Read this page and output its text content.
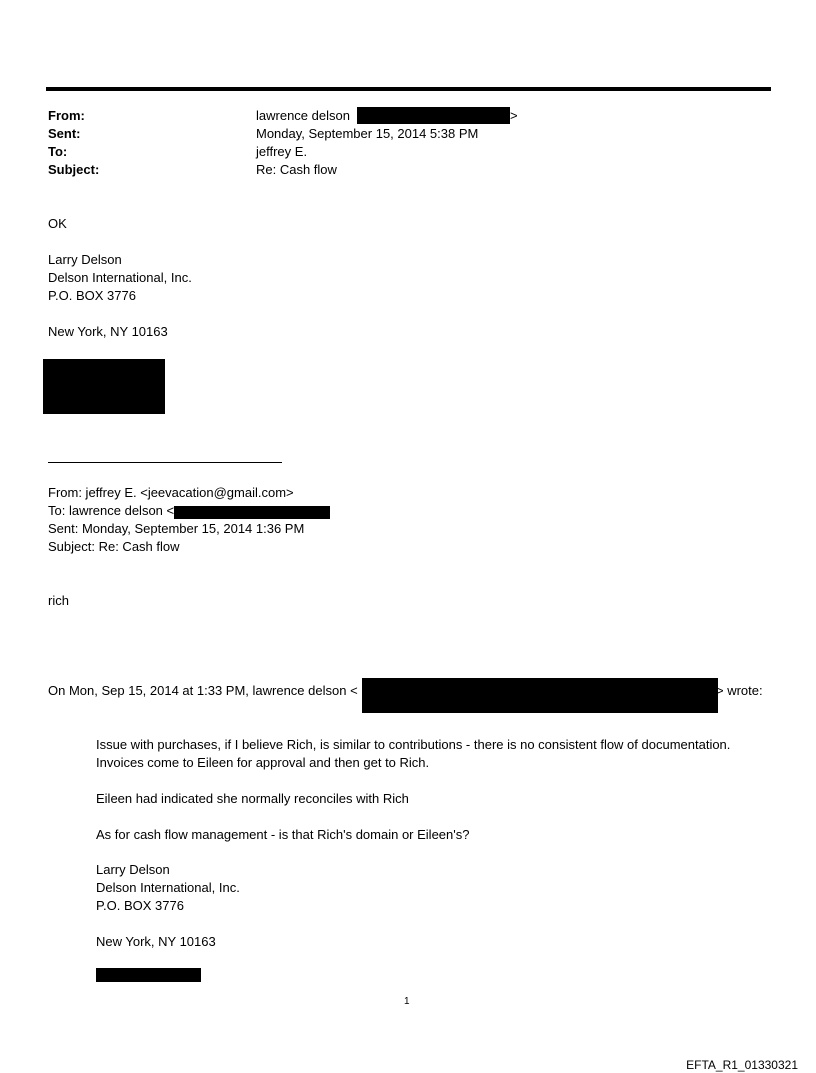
From:	lawrence delson	>
Sent:	Monday, September 15, 2014 5:38 PM
To:	jeffrey E.
Subject:	Re: Cash flow
OK
Larry Delson
Delson International, Inc.
P.O. BOX 3776
New York, NY 10163
From: jeffrey E. <jeevacation@gmail.com>
To: lawrence delson <
Sent: Monday, September 15, 2014 1:36 PM
Subject: Re: Cash flow
rich
On Mon, Sep 15, 2014 at 1:33 PM, lawrence delson <	> wrote:
Issue with purchases, if I believe Rich, is similar to contributions - there is no consistent flow of documentation.
Invoices come to Eileen for approval and then get to Rich.
Eileen had indicated she normally reconciles with Rich
As for cash flow management - is that Rich's domain or Eileen's?
Larry Delson
Delson International, Inc.
P.O. BOX 3776
New York, NY 10163
1
EFTA_R1_01330321
